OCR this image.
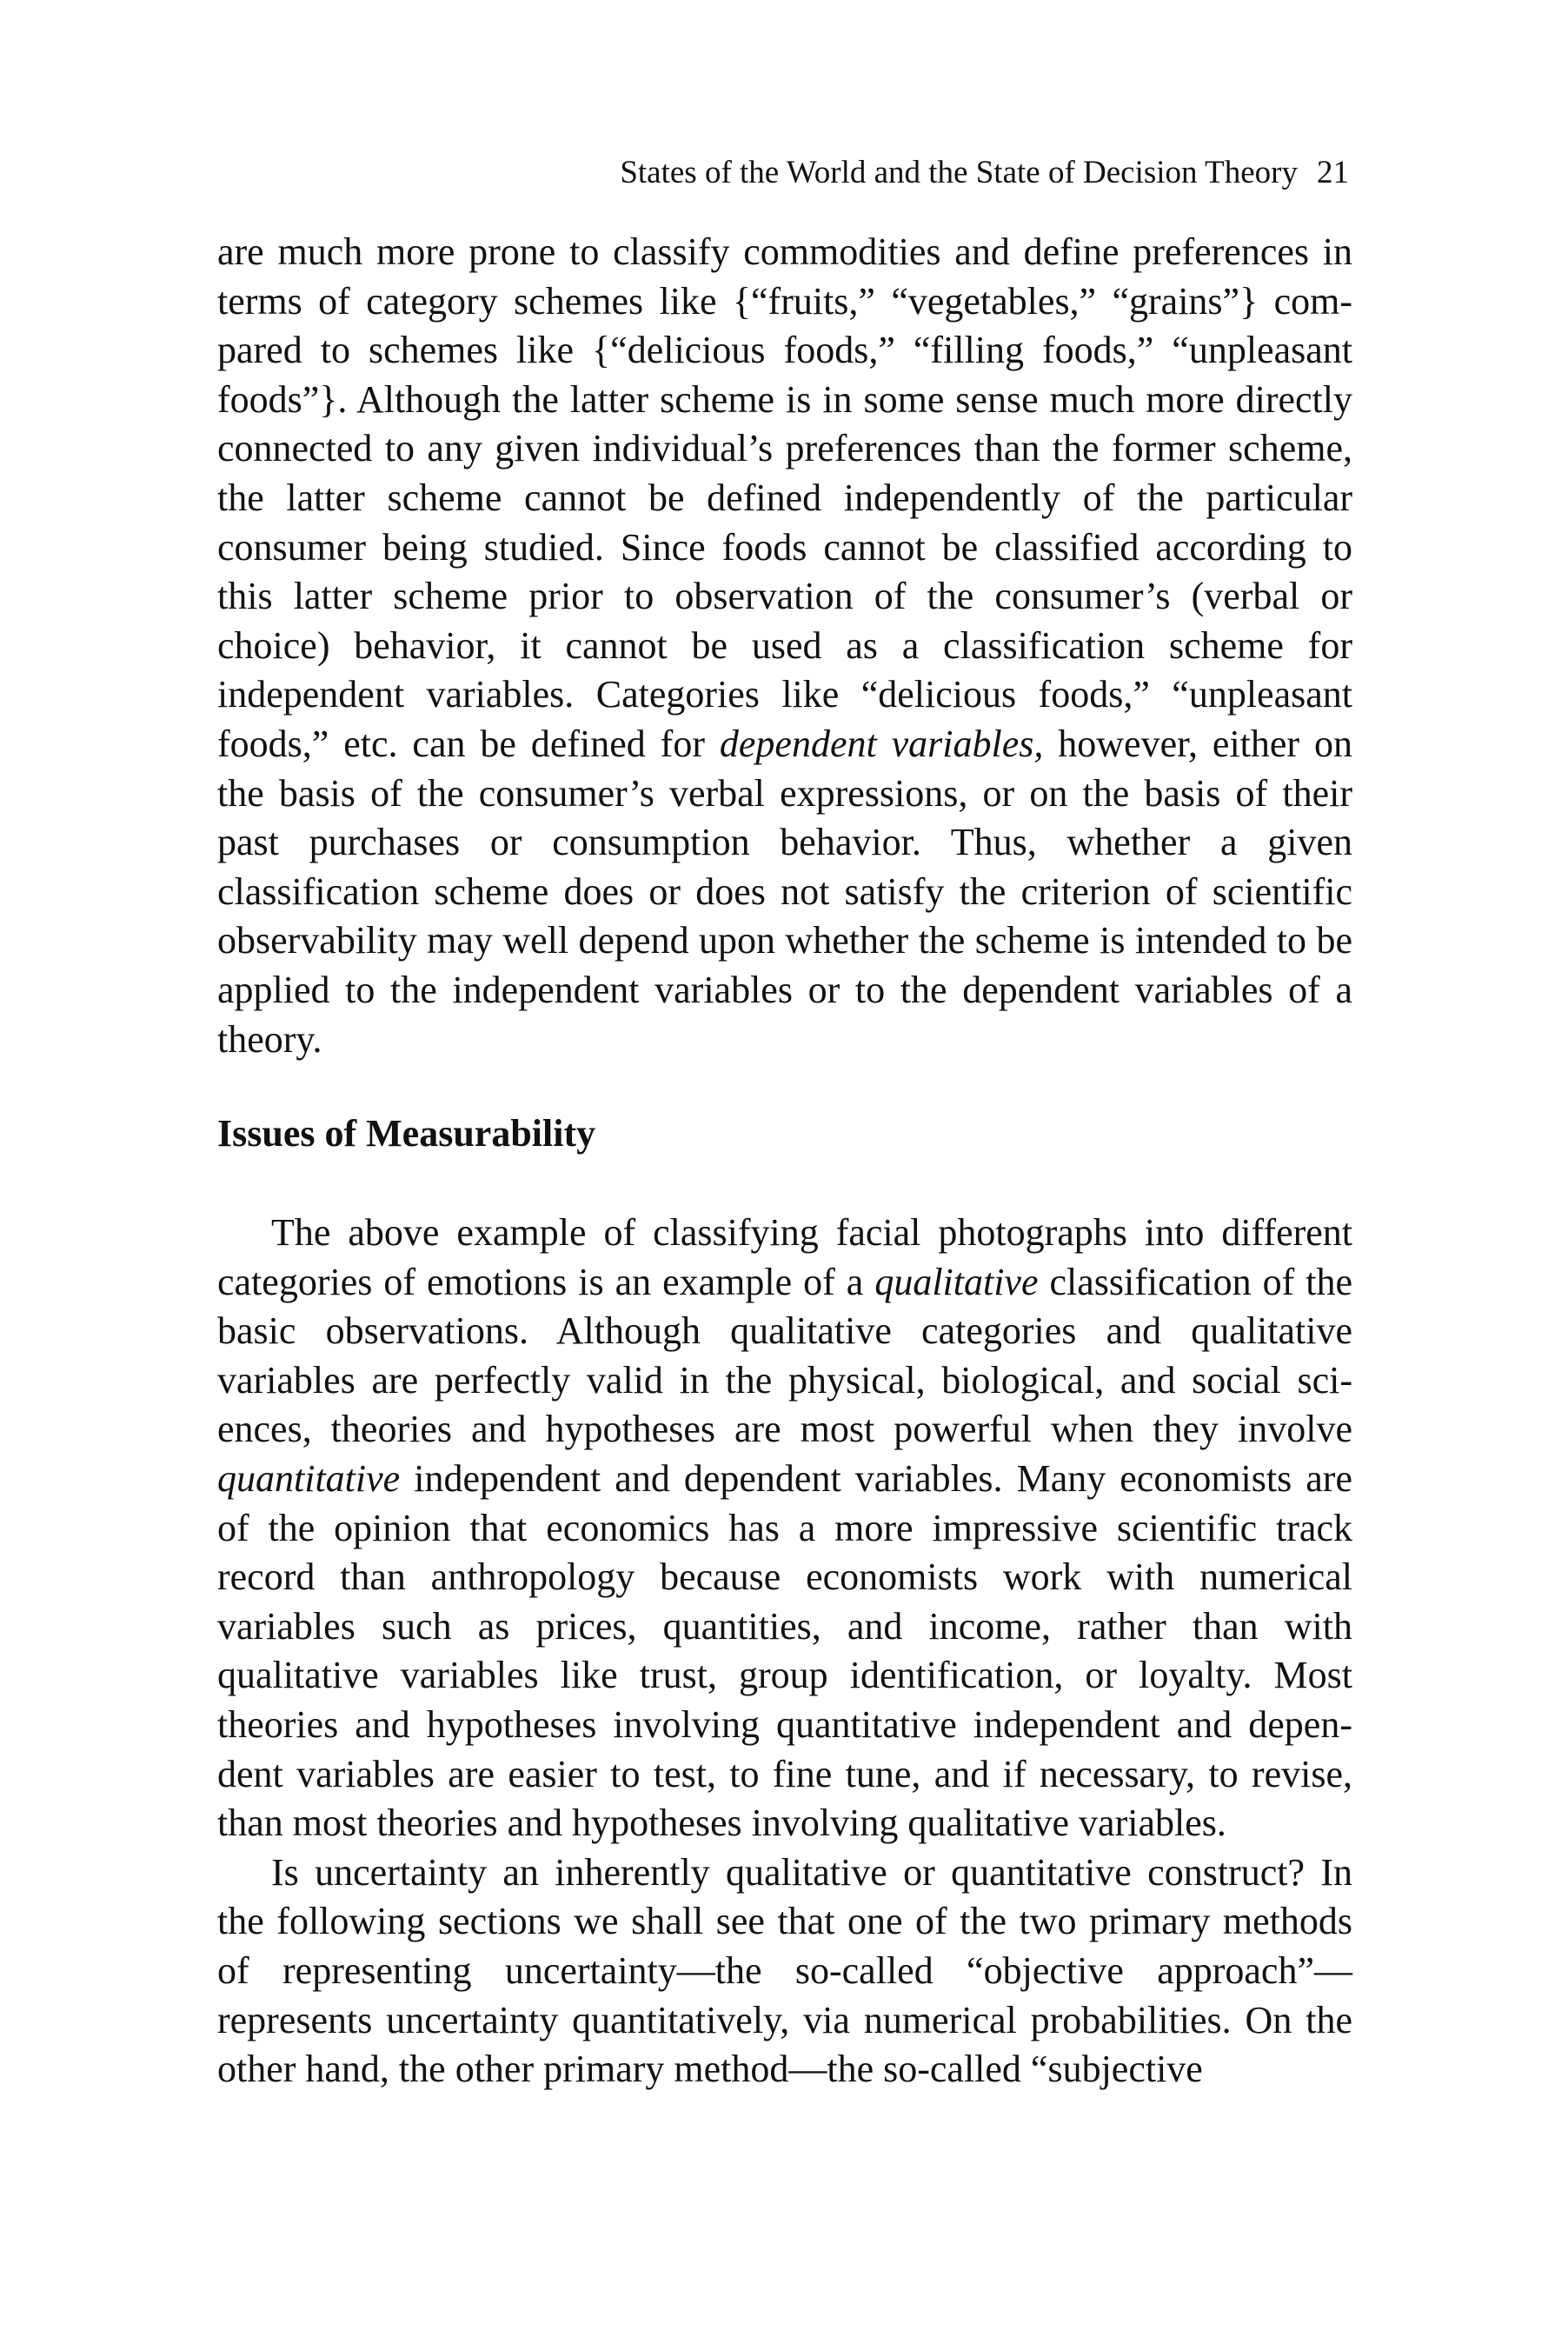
States of the World and the State of Decision Theory 21

are much more prone to classify commodities and define preferences in terms of category schemes like {“fruits,” “vegetables,” “grains”} compared to schemes like {“delicious foods,” “filling foods,” “unpleasant foods”}. Although the latter scheme is in some sense much more directly connected to any given individual’s preferences than the former scheme, the latter scheme cannot be defined independently of the particular consumer being studied. Since foods cannot be classified according to this latter scheme prior to observation of the consumer’s (verbal or choice) behavior, it cannot be used as a classification scheme for independent variables. Categories like “delicious foods,” “unpleasant foods,” etc. can be defined for dependent variables, however, either on the basis of the consumer’s verbal expressions, or on the basis of their past purchases or consumption behavior. Thus, whether a given classification scheme does or does not satisfy the criterion of scientific observability may well depend upon whether the scheme is intended to be applied to the independent variables or to the dependent variables of a theory.

Issues of Measurability

The above example of classifying facial photographs into different categories of emotions is an example of a qualitative classification of the basic observations. Although qualitative categories and qualitative variables are perfectly valid in the physical, biological, and social sciences, theories and hypotheses are most powerful when they involve quantitative independent and dependent variables. Many economists are of the opinion that economics has a more impressive scientific track record than anthropology because economists work with numerical variables such as prices, quantities, and income, rather than with qualitative variables like trust, group identification, or loyalty. Most theories and hypotheses involving quantitative independent and dependent variables are easier to test, to fine tune, and if necessary, to revise, than most theories and hypotheses involving qualitative variables.

Is uncertainty an inherently qualitative or quantitative construct? In the following sections we shall see that one of the two primary methods of representing uncertainty—the so-called “objective approach”— represents uncertainty quantitatively, via numerical probabilities. On the other hand, the other primary method—the so-called “subjective
